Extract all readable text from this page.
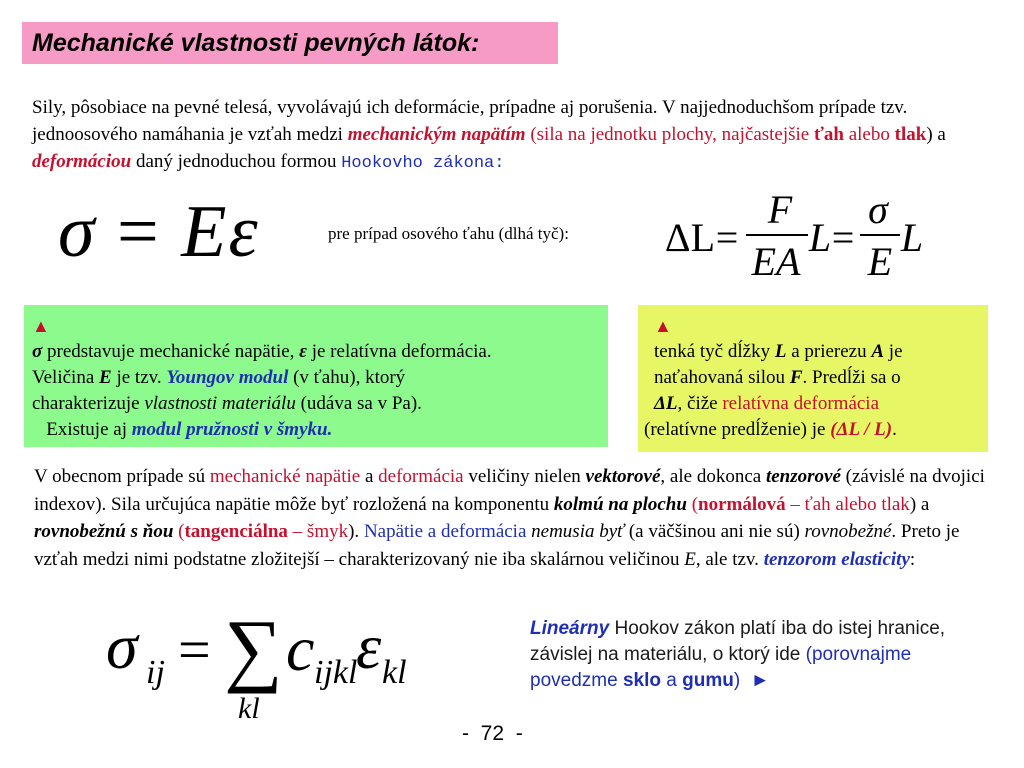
Mechanické vlastnosti pevných látok:
Sily, pôsobiace na pevné telesá, vyvolávajú ich deformácie, prípadne aj porušenia. V najjednoduchšom prípade tzv. jednoosového namáhania je vzťah medzi mechanickým napätím (sila na jednotku plochy, najčastejšie ťah alebo tlak) a deformáciou daný jednoduchou formou Hookovho zákona:
σ = Eε	pre prípad osového ťahu (dlhá tyč): ΔL =
F
EA
L =
σ
E
L
▲
σ predstavuje mechanické napätie, ε je relatívna deformácia.
Veličina E je tzv. Youngov modul (v ťahu), ktorý
charakterizuje vlastnosti materiálu (udáva sa v Pa).
Existuje aj modul pružnosti v šmyku.
▲
tenká tyč dĺžky L a prierezu A je
naťahovaná silou F. Predĺži sa o
ΔL, čiže relatívna deformácia
(relatívne predĺženie) je (ΔL / L).
V obecnom prípade sú mechanické napätie a deformácia veličiny nielen vektorové, ale dokonca tenzorové (závislé na dvojici indexov). Sila určujúca napätie môže byť rozložená na komponentu kolmú na plochu (normálová – ťah alebo tlak) a rovnobežnú s ňou (tangenciálna – šmyk). Napätie a deformácia nemusia byť (a väčšinou ani nie sú) rovnobežné. Preto je vzťah medzi nimi podstatne zložitejší – charakterizovaný nie iba skalárnou veličinou E, ale tzv. tenzorom elasticity:
σ ij = ∑
kl
c ijkl
ε kl
Lineárny Hookov zákon platí iba do istej hranice, závislej na materiálu, o ktorý ide (porovnajme povedzme sklo a gumu) ►
-  72  -
